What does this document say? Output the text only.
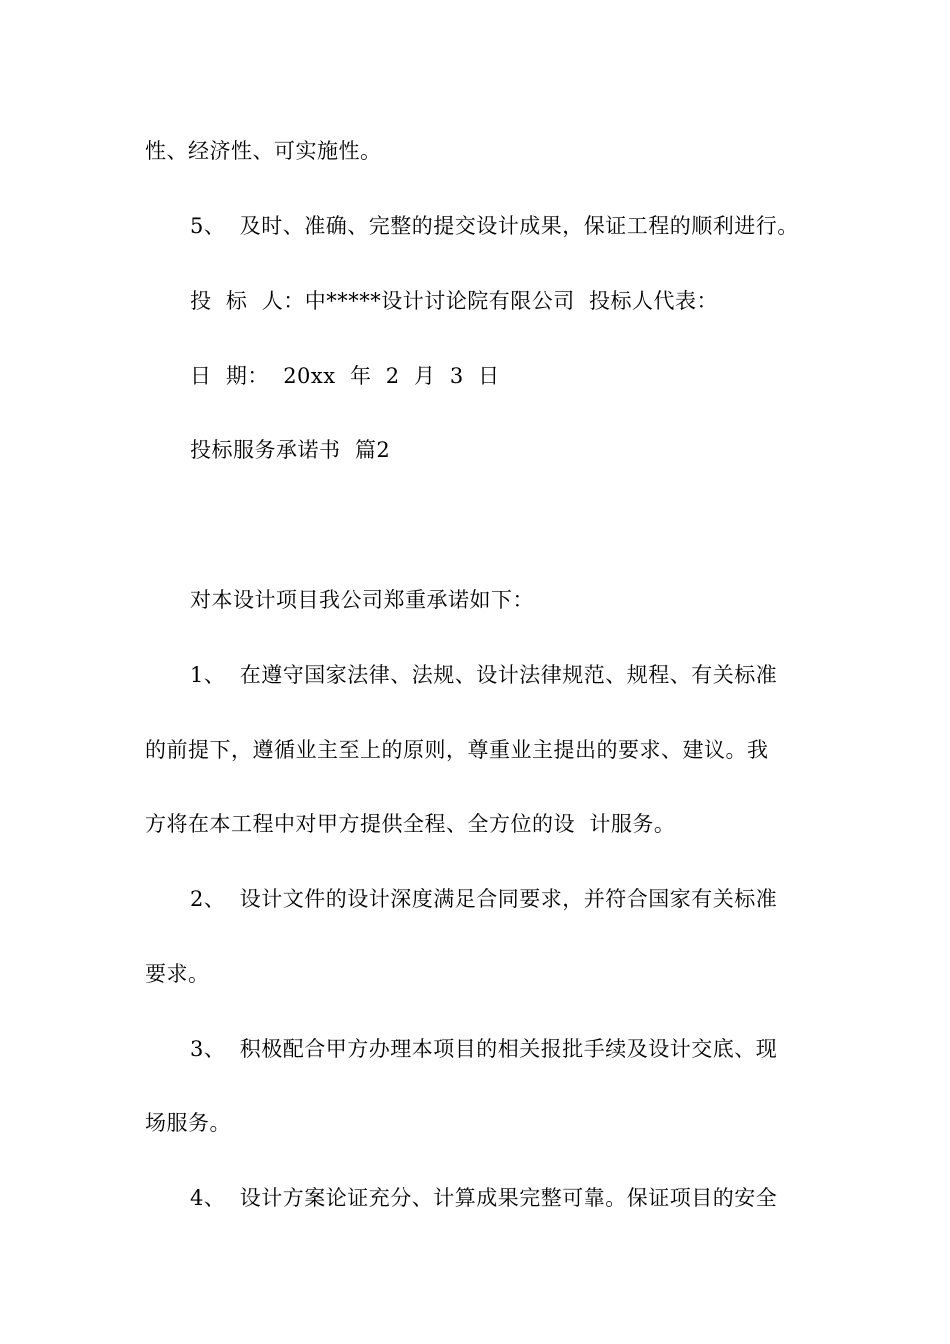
性、经济性、可实施性。
5、  及时、准确、完整的提交设计成果，保证工程的顺利进行。
投  标  人：中*****设计讨论院有限公司  投标人代表：
日  期：  20xx  年  2  月  3  日
投标服务承诺书  篇2
对本设计项目我公司郑重承诺如下：
1、  在遵守国家法律、法规、设计法律规范、规程、有关标准
的前提下，遵循业主至上的原则，尊重业主提出的要求、建议。我
方将在本工程中对甲方提供全程、全方位的设  计服务。
2、  设计文件的设计深度满足合同要求，并符合国家有关标准
要求。
3、  积极配合甲方办理本项目的相关报批手续及设计交底、现
场服务。
4、  设计方案论证充分、计算成果完整可靠。保证项目的安全
